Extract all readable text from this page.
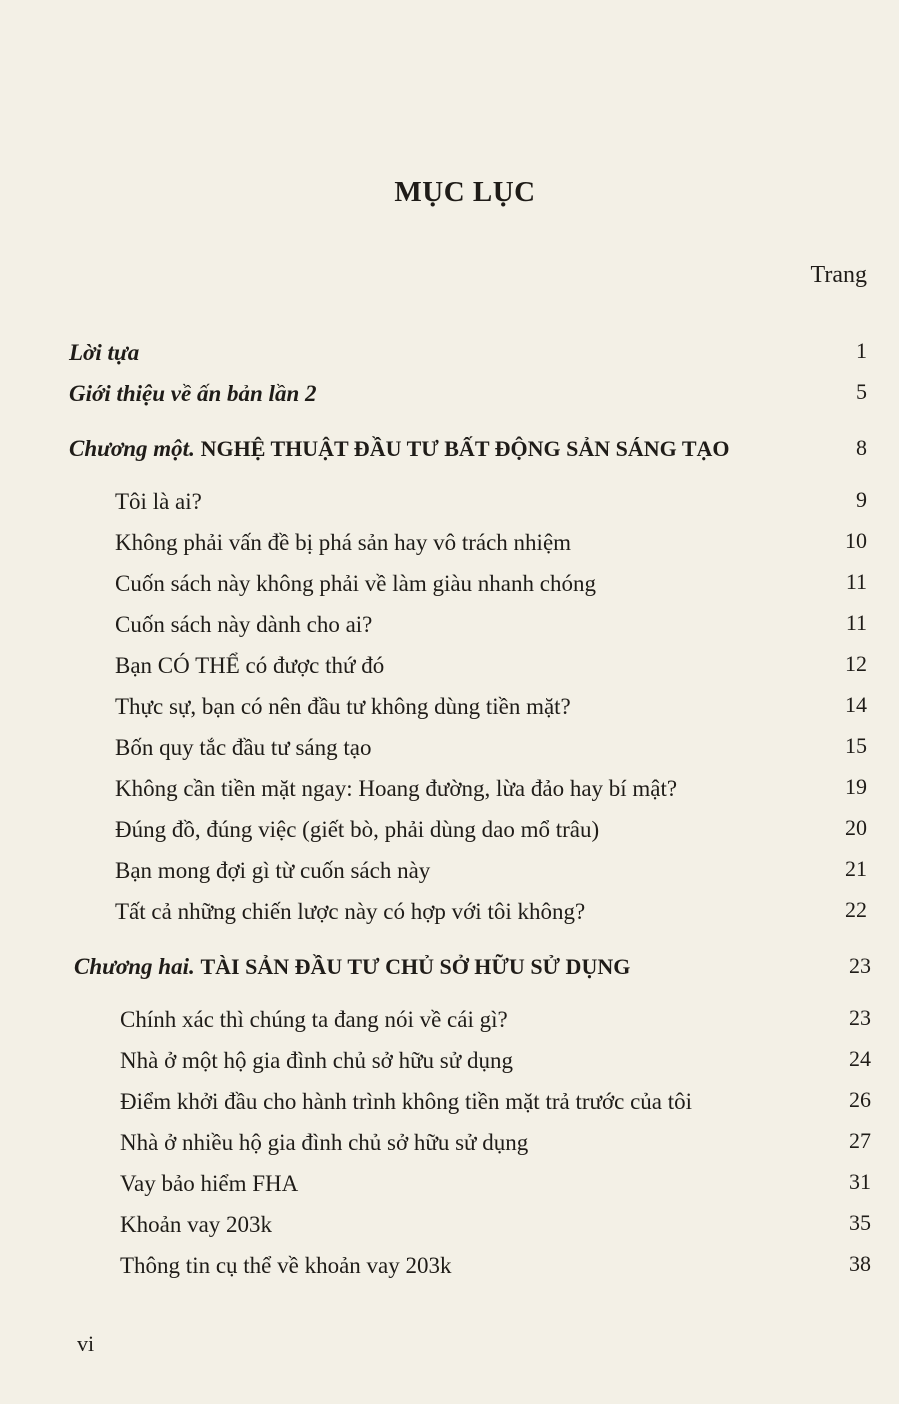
MỤC LỤC
Trang
Lời tựa	1
Giới thiệu về ấn bản lần 2	5
Chương một. NGHỆ THUẬT ĐẦU TƯ BẤT ĐỘNG SẢN SÁNG TẠO	8
Tôi là ai?	9
Không phải vấn đề bị phá sản hay vô trách nhiệm	10
Cuốn sách này không phải về làm giàu nhanh chóng	11
Cuốn sách này dành cho ai?	11
Bạn CÓ THỂ có được thứ đó	12
Thực sự, bạn có nên đầu tư không dùng tiền mặt?	14
Bốn quy tắc đầu tư sáng tạo	15
Không cần tiền mặt ngay: Hoang đường, lừa đảo hay bí mật?	19
Đúng đồ, đúng việc (giết bò, phải dùng dao mổ trâu)	20
Bạn mong đợi gì từ cuốn sách này	21
Tất cả những chiến lược này có hợp với tôi không?	22
Chương hai. TÀI SẢN ĐẦU TƯ CHỦ SỞ HỮU SỬ DỤNG	23
Chính xác thì chúng ta đang nói về cái gì?	23
Nhà ở một hộ gia đình chủ sở hữu sử dụng	24
Điểm khởi đầu cho hành trình không tiền mặt trả trước của tôi	26
Nhà ở nhiều hộ gia đình chủ sở hữu sử dụng	27
Vay bảo hiểm FHA	31
Khoản vay 203k	35
Thông tin cụ thể về khoản vay 203k	38
vi
